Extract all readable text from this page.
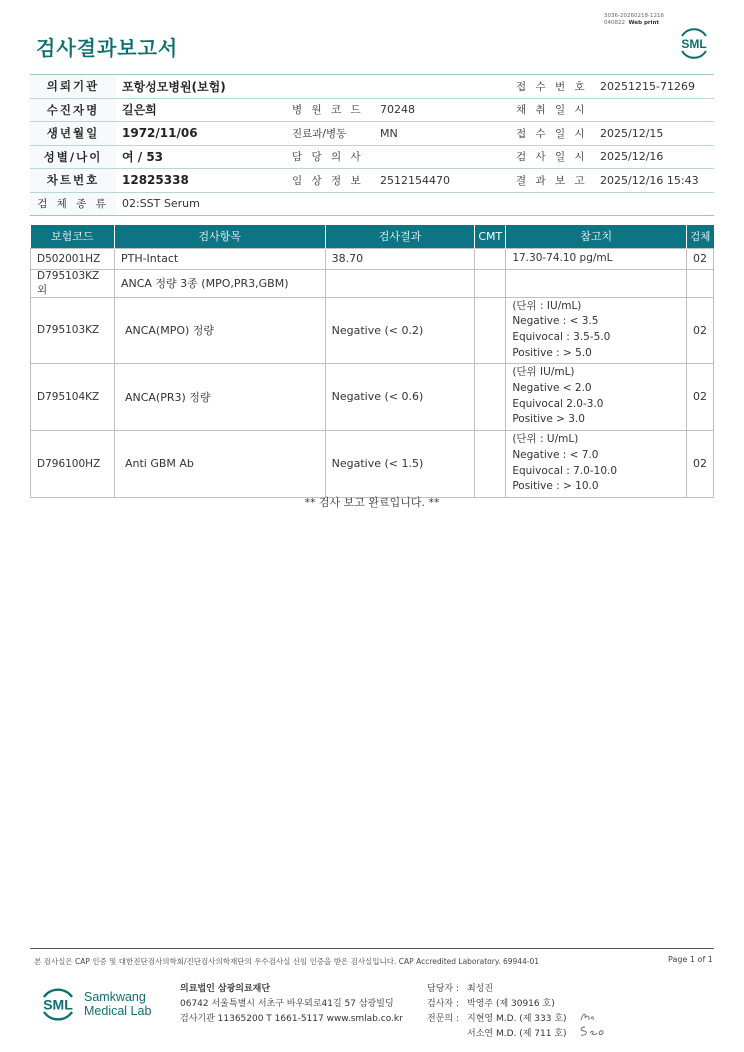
3036-20260218-1216
040822 Web print
검사결과보고서	SML
의뢰기관	포항성모병원(보험)			접 수 번 호	20251215-71269
수진자명	길은희	병 원 코 드	70248	채 취 일 시	
생년월일	1972/11/06	진료과/병동	MN	접 수 일 시	2025/12/15
성별/나이	여 / 53	담 당 의 사		검 사 일 시	2025/12/16
차트번호	12825338	임 상 정 보	2512154470	결 과 보 고	2025/12/16 15:43
검 체 종 류	02:SST Serum				
보험코드	검사항목	검사결과	CMT	참고치	검체
D502001HZ	PTH-Intact	38.70		17.30-74.10 pg/mL	02
D795103KZ외	ANCA 정량 3종 (MPO,PR3,GBM)				
D795103KZ	ANCA(MPO) 정량	Negative (< 0.2)		(단위 : IU/mL)
Negative : < 3.5
Equivocal : 3.5-5.0
Positive : > 5.0	02
D795104KZ	ANCA(PR3) 정량	Negative (< 0.6)		(단위 IU/mL)
Negative < 2.0
Equivocal 2.0-3.0
Positive > 3.0	02
D796100HZ	Anti GBM Ab	Negative (< 1.5)		(단위 : U/mL)
Negative : < 7.0
Equivocal : 7.0-10.0
Positive : > 10.0	02
** 검사 보고 완료입니다. **
본 검사실은 CAP 인증 및 대한진단검사의학회/진단검사의학재단의 우수검사실 신임 인증을 받은 검사실입니다. CAP Accredited Laboratory. 69944-01	Page 1 of 1
SML Samkwang
Medical Lab
의료법인 삼광의료재단
06742 서울특별시 서초구 바우뫼로41길 57 삼광빌딩
검사기관 11365200 T 1661-5117 www.smlab.co.kr
담당자 : 최성진
검사자 : 박영주 (제 30916 호)
전문의 : 지현영 M.D. (제 333 호)
서소연 M.D. (제 711 호)
